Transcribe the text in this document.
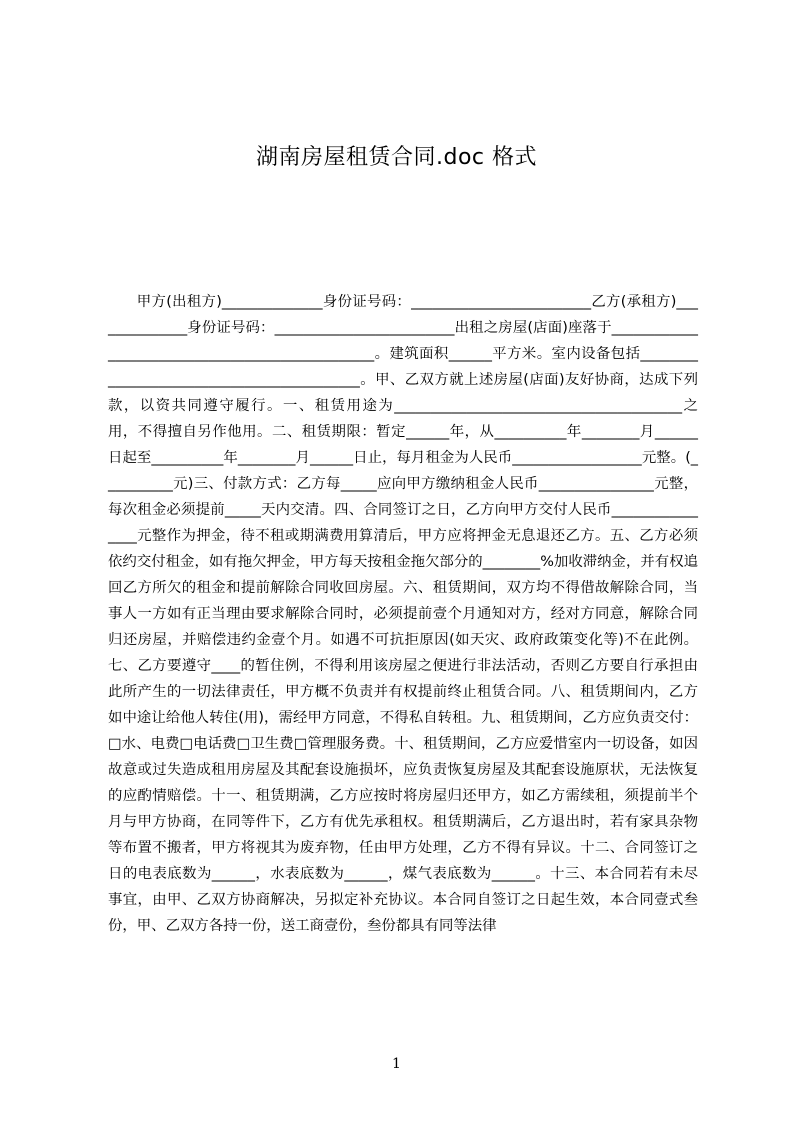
湖南房屋租赁合同.doc 格式

甲方(出租方)______________身份证号码：_________________________乙方(承租方)______________身份证号码：_________________________出租之房屋(店面)座落于_________________________________________________。建筑面积______平方米。室内设备包括___________________________________________。甲、乙双方就上述房屋(店面)友好协商，达成下列款，以资共同遵守履行。一、租赁用途为________________________________________之用，不得擅自另作他用。二、租赁期限：暂定______年，从__________年________月______日起至__________年________月______日止，每月租金为人民币__________________元整。(__________元)三、付款方式：乙方每_____应向甲方缴纳租金人民币________________元整，每次租金必须提前_____天内交清。四、合同签订之日，乙方向甲方交付人民币________________元整作为押金，待不租或期满费用算清后，甲方应将押金无息退还乙方。五、乙方必须依约交付租金，如有拖欠押金，甲方每天按租金拖欠部分的________%加收滞纳金，并有权追回乙方所欠的租金和提前解除合同收回房屋。六、租赁期间，双方均不得借故解除合同，当事人一方如有正当理由要求解除合同时，必须提前壹个月通知对方，经对方同意，解除合同归还房屋，并赔偿违约金壹个月。如遇不可抗拒原因(如天灾、政府政策变化等)不在此例。七、乙方要遵守____的暂住例，不得利用该房屋之便进行非法活动，否则乙方要自行承担由此所产生的一切法律责任，甲方概不负责并有权提前终止租赁合同。八、租赁期间内，乙方如中途让给他人转住(用)，需经甲方同意，不得私自转租。九、租赁期间，乙方应负责交付：□水、电费□电话费□卫生费□管理服务费。十、租赁期间，乙方应爱惜室内一切设备，如因故意或过失造成租用房屋及其配套设施损坏，应负责恢复房屋及其配套设施原状，无法恢复的应酌情赔偿。十一、租赁期满，乙方应按时将房屋归还甲方，如乙方需续租，须提前半个月与甲方协商，在同等件下，乙方有优先承租权。租赁期满后，乙方退出时，若有家具杂物等布置不搬者，甲方将视其为废弃物，任由甲方处理，乙方不得有异议。十二、合同签订之日的电表底数为______，水表底数为______，煤气表底数为______。十三、本合同若有未尽事宜，由甲、乙双方协商解决，另拟定补充协议。本合同自签订之日起生效，本合同壹式叁份，甲、乙双方各持一份，送工商壹份，叁份都具有同等法律

1
